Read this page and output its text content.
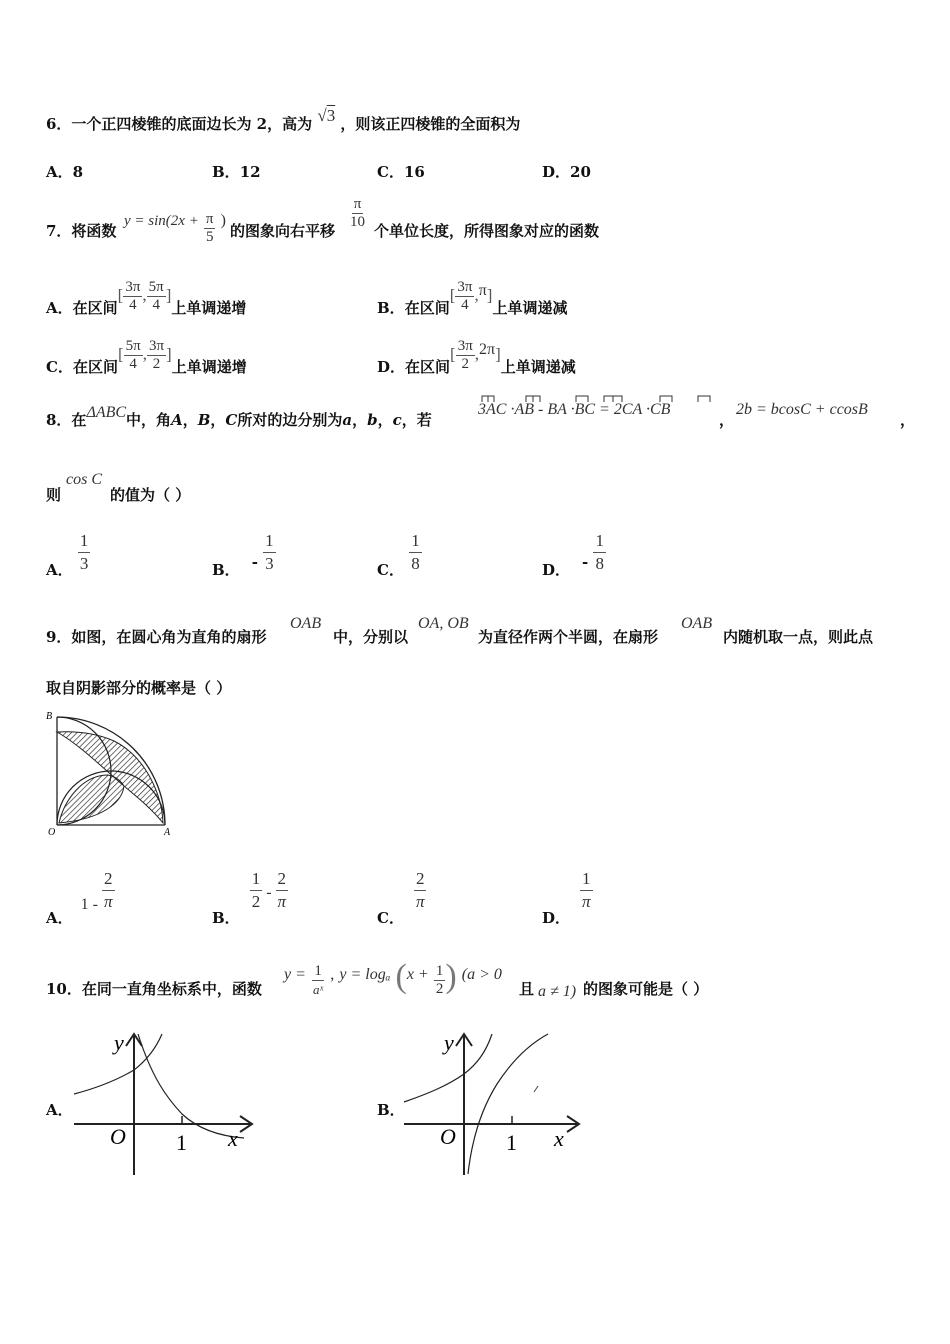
6．一个正四棱锥的底面边长为 2，高为 √3 ，则该正四棱锥的全面积为
A．8	B．12	C．16	D．20
7．将函数
$y = \sin(2x + \frac{\pi}{5}$ )
的图象向右平移 $\frac{\pi}{10}$ 个单位长度，所得图象对应的函数
A．在区间[ $\frac{3\pi}{4}$ , $\frac{5\pi}{4}$ ]上单调递增	B．在区间[ $\frac{3\pi}{4} ,\pi$]上单调递减
C．在区间[ $\frac{5\pi}{4}$ , $\frac{3\pi}{2}$ ]上单调递增	D．在区间[ $\frac{3\pi}{2} ,2\pi$]上单调递减
8．在ΔABC中，角A，B，C所对的边分别为a，b，c，若
3AC ·AB - BA ·BC = 2CA ·CB
，
2b = bcosC + ccosB
，
则
cos C
的值为（ ）
A． $\frac{1}{3}$	B． - $\frac{1}{3}$	C． $\frac{1}{8}$	D． - $\frac{1}{8}$
9．如图，在圆心角为直角的扇形
OAB
中，分别以
OA, OB
为直径作两个半圆，在扇形
OAB
内随机取一点，则此点
取自阴影部分的概率是（ ）
B
O	A
A．$1 - \frac{2}{\pi}$
B．
$\frac{1}{2} - \frac{2}{\pi}$
C．
$\frac{2}{\pi}$
D．
$\frac{1}{\pi}$
10．在同一直角坐标系中，函数
$y = \frac{1}{\text{aˣ}}$ , y = logₐ ($x + \frac{1}{2}$ ) (a > 0
且 a ≠ 1) 的图象可能是（ ）
A．
y
O 1 x
B．
y
O 1 x
